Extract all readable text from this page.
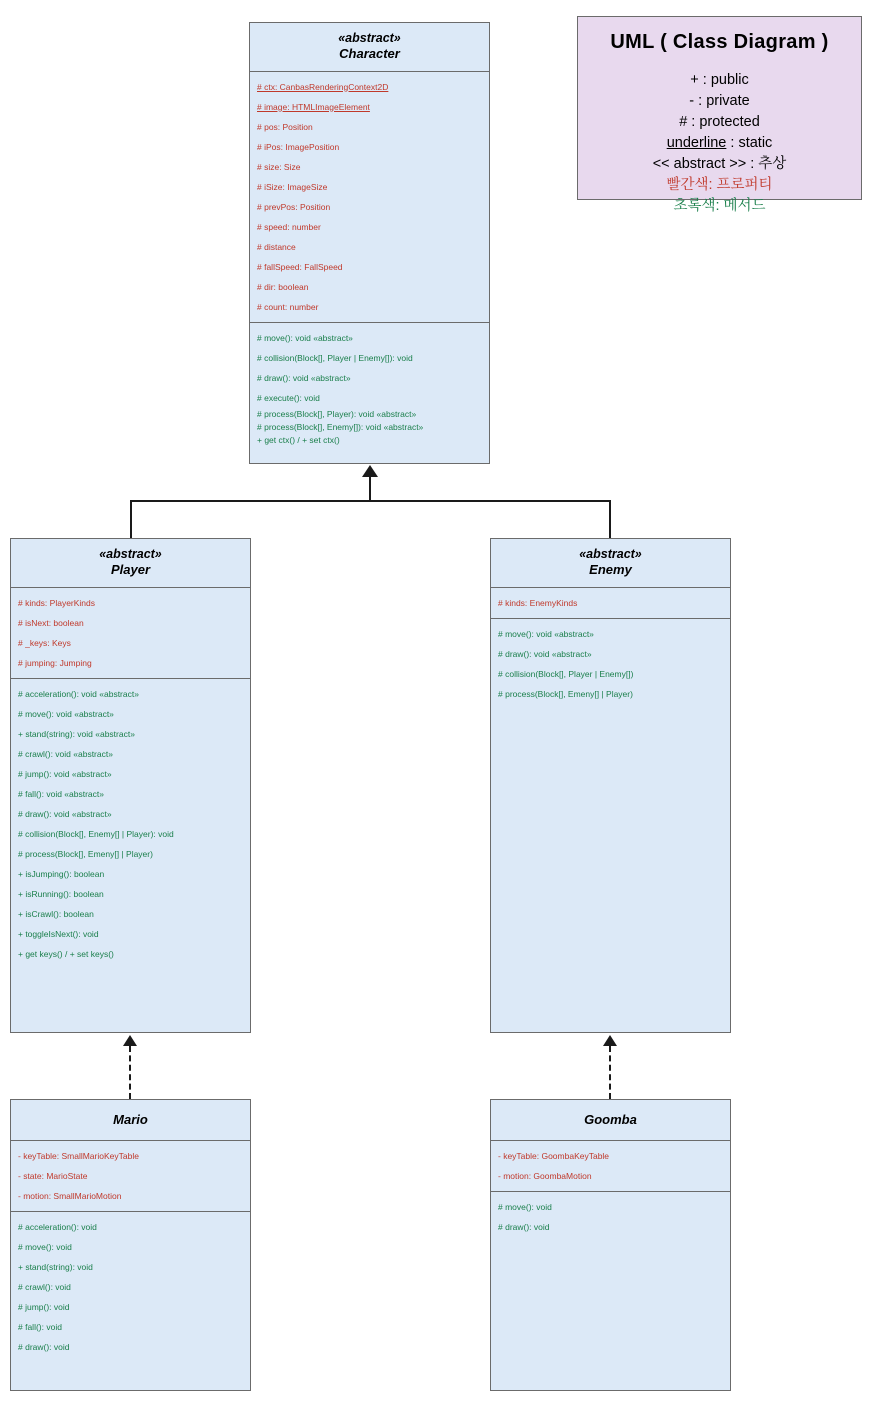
UML ( Class Diagram )
+ : public
- : private
# : protected
underline : static
<< abstract >> : 추상
빨간색: 프로퍼티
초록색: 메서드
«abstract»
Character
# ctx: CanbasRenderingContext2D
# image: HTMLImageElement
# pos: Position
# iPos: ImagePosition
# size: Size
# iSize: ImageSize
# prevPos: Position
# speed: number
# distance
# fallSpeed: FallSpeed
# dir: boolean
# count: number
# move(): void «abstract»
# collision(Block[], Player | Enemy[]): void
# draw(): void «abstract»
# execute(): void
# process(Block[], Player): void «abstract»
# process(Block[], Enemy[]): void «abstract»
+ get ctx() / + set ctx()
«abstract»
Player
# kinds: PlayerKinds
# isNext: boolean
# _keys: Keys
# jumping: Jumping
# acceleration(): void «abstract»
# move(): void «abstract»
+ stand(string): void «abstract»
# crawl(): void «abstract»
# jump(): void «abstract»
# fall(): void «abstract»
# draw(): void «abstract»
# collision(Block[], Enemy[] | Player): void
# process(Block[], Emeny[] | Player)
+ isJumping(): boolean
+ isRunning(): boolean
+ isCrawl(): boolean
+ toggleIsNext(): void
+ get keys() / + set keys()
«abstract»
Enemy
# kinds: EnemyKinds
# move(): void «abstract»
# draw(): void «abstract»
# collision(Block[], Player | Enemy[])
# process(Block[], Emeny[] | Player)
Mario
- keyTable: SmallMarioKeyTable
- state: MarioState
- motion: SmallMarioMotion
# acceleration(): void
# move(): void
+ stand(string): void
# crawl(): void
# jump(): void
# fall(): void
# draw(): void
Goomba
- keyTable: GoombaKeyTable
- motion: GoombaMotion
# move(): void
# draw(): void
